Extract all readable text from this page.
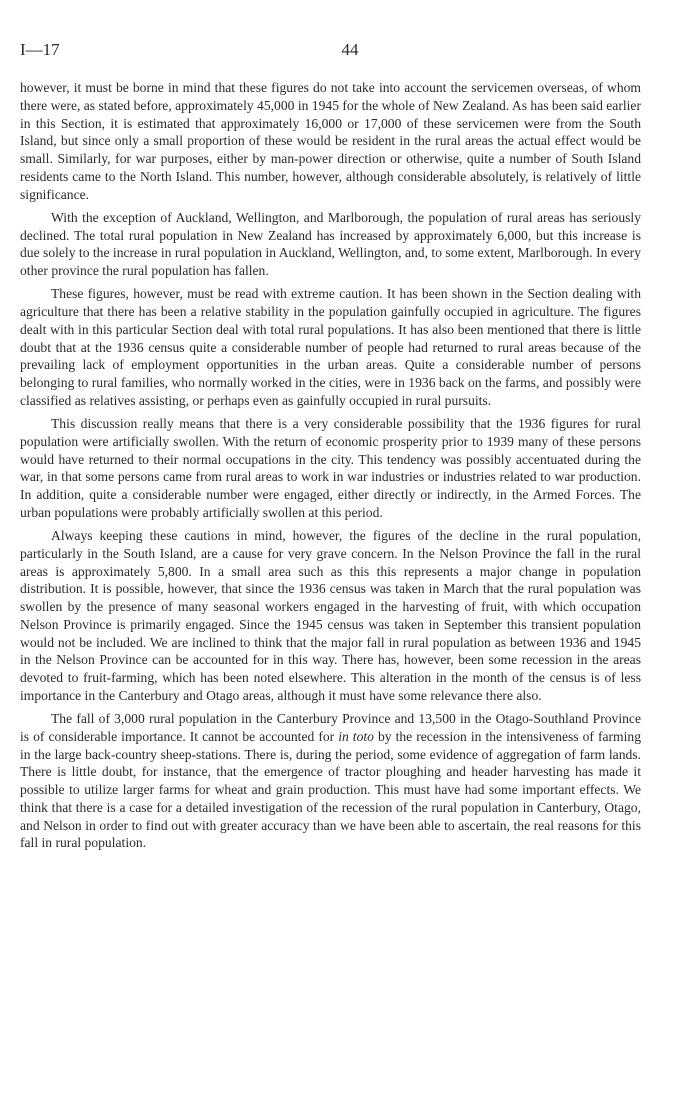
I—17	44

however, it must be borne in mind that these figures do not take into account the servicemen overseas, of whom there were, as stated before, approximately 45,000 in 1945 for the whole of New Zealand. As has been said earlier in this Section, it is estimated that approximately 16,000 or 17,000 of these servicemen were from the South Island, but since only a small proportion of these would be resident in the rural areas the actual effect would be small. Similarly, for war purposes, either by man-power direction or otherwise, quite a number of South Island residents came to the North Island. This number, however, although considerable absolutely, is relatively of little significance.

With the exception of Auckland, Wellington, and Marlborough, the population of rural areas has seriously declined. The total rural population in New Zealand has increased by approximately 6,000, but this increase is due solely to the increase in rural population in Auckland, Wellington, and, to some extent, Marlborough. In every other province the rural population has fallen.

These figures, however, must be read with extreme caution. It has been shown in the Section dealing with agriculture that there has been a relative stability in the population gainfully occupied in agriculture. The figures dealt with in this particular Section deal with total rural populations. It has also been mentioned that there is little doubt that at the 1936 census quite a considerable number of people had returned to rural areas because of the prevailing lack of employment opportunities in the urban areas. Quite a considerable number of persons belonging to rural families, who normally worked in the cities, were in 1936 back on the farms, and possibly were classified as relatives assisting, or perhaps even as gainfully occupied in rural pursuits.

This discussion really means that there is a very considerable possibility that the 1936 figures for rural population were artificially swollen. With the return of economic prosperity prior to 1939 many of these persons would have returned to their normal occupations in the city. This tendency was possibly accentuated during the war, in that some persons came from rural areas to work in war industries or industries related to war production. In addition, quite a considerable number were engaged, either directly or indirectly, in the Armed Forces. The urban populations were probably artificially swollen at this period.

Always keeping these cautions in mind, however, the figures of the decline in the rural population, particularly in the South Island, are a cause for very grave concern. In the Nelson Province the fall in the rural areas is approximately 5,800. In a small area such as this this represents a major change in population distribution. It is possible, however, that since the 1936 census was taken in March that the rural population was swollen by the presence of many seasonal workers engaged in the harvesting of fruit, with which occupation Nelson Province is primarily engaged. Since the 1945 census was taken in September this transient population would not be included. We are inclined to think that the major fall in rural population as between 1936 and 1945 in the Nelson Province can be accounted for in this way. There has, however, been some recession in the areas devoted to fruit-farming, which has been noted elsewhere. This alteration in the month of the census is of less importance in the Canterbury and Otago areas, although it must have some relevance there also.

The fall of 3,000 rural population in the Canterbury Province and 13,500 in the Otago-Southland Province is of considerable importance. It cannot be accounted for in toto by the recession in the intensiveness of farming in the large back-country sheep-stations. There is, during the period, some evidence of aggregation of farm lands. There is little doubt, for instance, that the emergence of tractor ploughing and header harvesting has made it possible to utilize larger farms for wheat and grain production. This must have had some important effects. We think that there is a case for a detailed investigation of the recession of the rural population in Canterbury, Otago, and Nelson in order to find out with greater accuracy than we have been able to ascertain, the real reasons for this fall in rural population.
